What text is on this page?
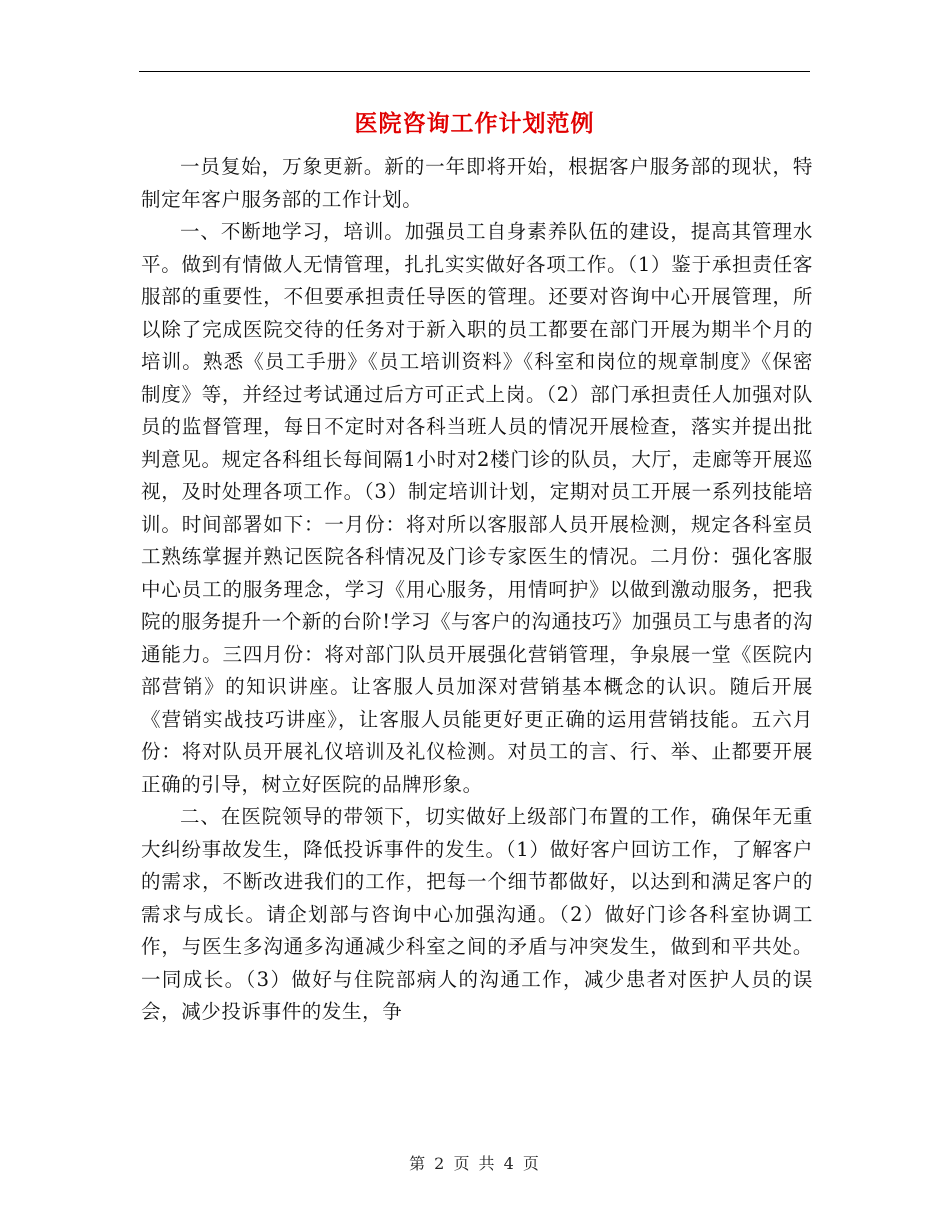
医院咨询工作计划范例

一员复始，万象更新。新的一年即将开始，根据客户服务部的现状，特制定年客户服务部的工作计划。

一、不断地学习，培训。加强员工自身素养队伍的建设，提高其管理水平。做到有情做人无情管理，扎扎实实做好各项工作。（1）鉴于承担责任客服部的重要性，不但要承担责任导医的管理。还要对咨询中心开展管理，所以除了完成医院交待的任务对于新入职的员工都要在部门开展为期半个月的培训。熟悉《员工手册》《员工培训资料》《科室和岗位的规章制度》《保密制度》等，并经过考试通过后方可正式上岗。（2）部门承担责任人加强对队员的监督管理，每日不定时对各科当班人员的情况开展检查，落实并提出批判意见。规定各科组长每间隔1小时对2楼门诊的队员，大厅，走廊等开展巡视，及时处理各项工作。（3）制定培训计划，定期对员工开展一系列技能培训。时间部署如下：一月份：将对所以客服部人员开展检测，规定各科室员工熟练掌握并熟记医院各科情况及门诊专家医生的情况。二月份：强化客服中心员工的服务理念，学习《用心服务，用情呵护》以做到激动服务，把我院的服务提升一个新的台阶!学习《与客户的沟通技巧》加强员工与患者的沟通能力。三四月份：将对部门队员开展强化营销管理，争泉展一堂《医院内部营销》的知识讲座。让客服人员加深对营销基本概念的认识。随后开展《营销实战技巧讲座》，让客服人员能更好更正确的运用营销技能。五六月份：将对队员开展礼仪培训及礼仪检测。对员工的言、行、举、止都要开展正确的引导，树立好医院的品牌形象。

二、在医院领导的带领下，切实做好上级部门布置的工作，确保年无重大纠纷事故发生，降低投诉事件的发生。（1）做好客户回访工作，了解客户的需求，不断改进我们的工作，把每一个细节都做好，以达到和满足客户的需求与成长。请企划部与咨询中心加强沟通。（2）做好门诊各科室协调工作，与医生多沟通多沟通减少科室之间的矛盾与冲突发生，做到和平共处。一同成长。（3）做好与住院部病人的沟通工作，减少患者对医护人员的误会，减少投诉事件的发生，争

第 2 页 共 4 页
